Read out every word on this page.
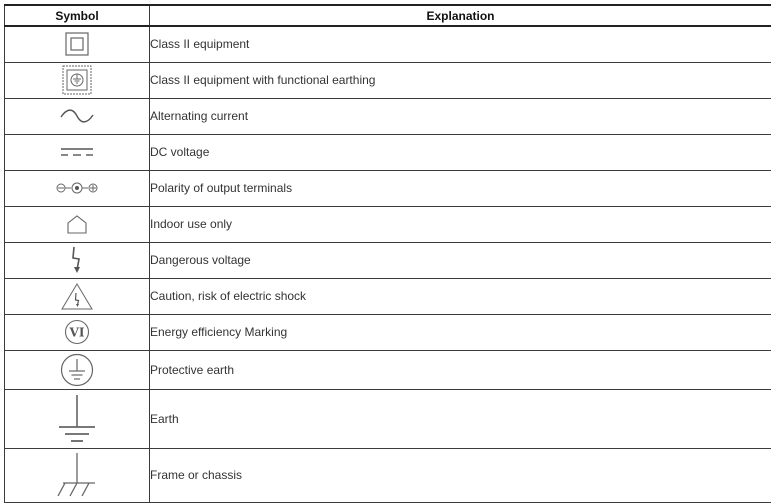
Symbol	Explanation

	Class II equipment

	Class II equipment with functional earthing

	Alternating current

	DC voltage

	Polarity of output terminals

	Indoor use only

	Dangerous voltage

	Caution, risk of electric shock

VI	Energy efficiency Marking

	Protective earth

	Earth

	Frame or chassis
